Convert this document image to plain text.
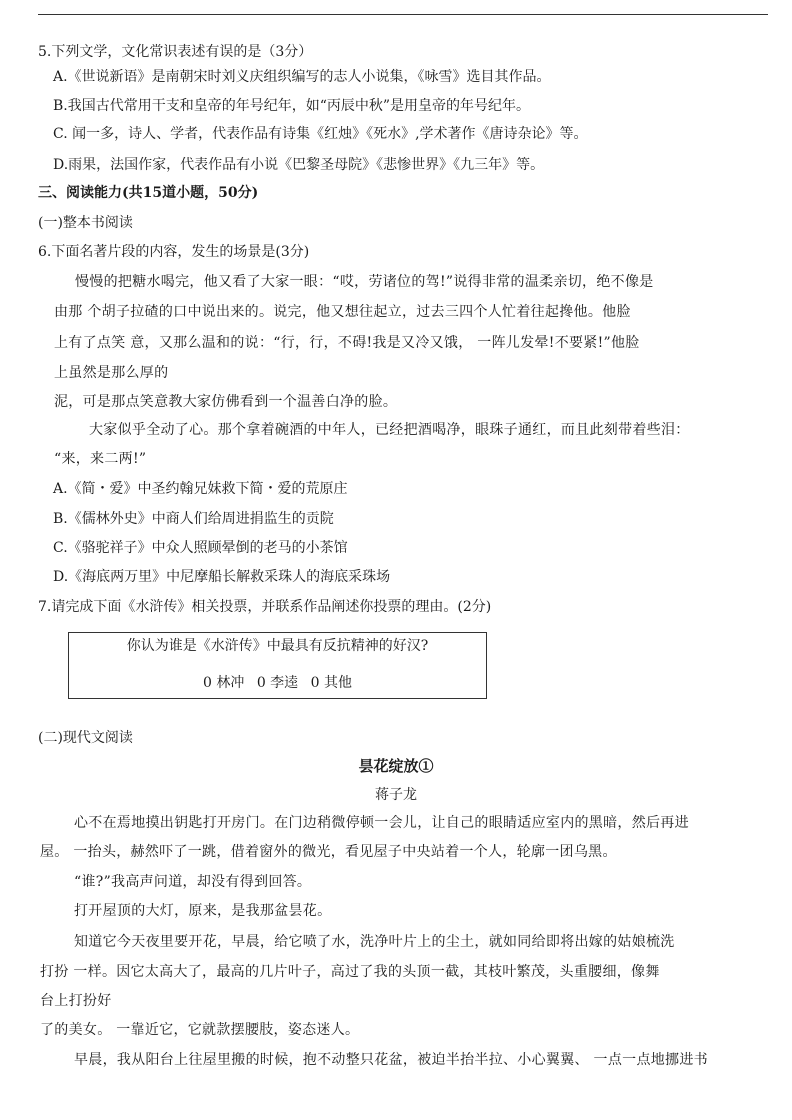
5.下列文学，文化常识表述有误的是（3分）
A.《世说新语》是南朝宋时刘义庆组织编写的志人小说集，《咏雪》选目其作品。
B.我国古代常用干支和皇帝的年号纪年，如“丙辰中秋”是用皇帝的年号纪年。
C. 闻一多，诗人、学者，代表作品有诗集《红烛》《死水》,学术著作《唐诗杂论》等。
D.雨果，法国作家，代表作品有小说《巴黎圣母院》《悲惨世界》《九三年》等。
三、阅读能力(共15道小题，50分)
(一)整本书阅读
6.下面名著片段的内容，发生的场景是(3分)
慢慢的把糖水喝完，他又看了大家一眼：“哎，劳诸位的驾!”说得非常的温柔亲切，绝不像是
由那 个胡子拉碴的口中说出来的。说完，他又想往起立，过去三四个人忙着往起搀他。他脸
上有了点笑 意，又那么温和的说：“行，行，不碍!我是又冷又饿， 一阵儿发晕!不要紧!”他脸
上虽然是那么厚的
泥，可是那点笑意教大家仿佛看到一个温善白净的脸。
大家似乎全动了心。那个拿着碗酒的中年人，已经把酒喝净，眼珠子通红，而且此刻带着些泪：
“来，来二两!”
A.《简・爱》中圣约翰兄妹救下简・爱的荒原庄
B.《儒林外史》中商人们给周进捐监生的贡院
C.《骆驼祥子》中众人照顾晕倒的老马的小茶馆
D.《海底两万里》中尼摩船长解救采珠人的海底采珠场
7.请完成下面《水浒传》相关投票，并联系作品阐述你投票的理由。(2分)
你认为谁是《水浒传》中最具有反抗精神的好汉?
0 林冲 0 李逵 0 其他
(二)现代文阅读
昙花绽放①
蒋子龙
心不在焉地摸出钥匙打开房门。在门边稍微停顿一会儿，让自己的眼睛适应室内的黑暗，然后再进
屋。 一抬头，赫然吓了一跳，借着窗外的微光，看见屋子中央站着一个人，轮廓一团乌黑。
“谁?”我高声问道，却没有得到回答。
打开屋顶的大灯，原来，是我那盆昙花。
知道它今天夜里要开花，早晨，给它喷了水，洗净叶片上的尘土，就如同给即将出嫁的姑娘梳洗
打扮 一样。因它太高大了，最高的几片叶子，高过了我的头顶一截，其枝叶繁茂，头重腰细，像舞
台上打扮好
了的美女。 一靠近它，它就款摆腰肢，姿态迷人。
早晨，我从阳台上往屋里搬的时候，抱不动整只花盆，被迫半抬半拉、小心翼翼、 一点一点地挪进书
